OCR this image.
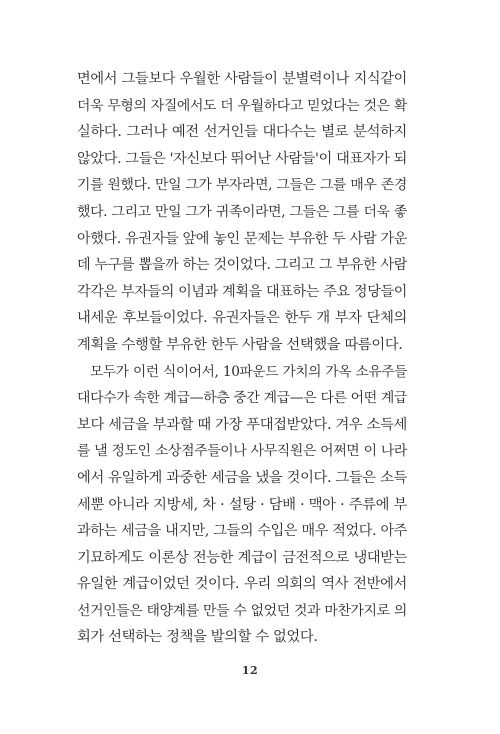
면에서 그들보다 우월한 사람들이 분별력이나 지식같이
더욱 무형의 자질에서도 더 우월하다고 믿었다는 것은 확
실하다. 그러나 예전 선거인들 대다수는 별로 분석하지
않았다. 그들은 '자신보다 뛰어난 사람들'이 대표자가 되
기를 원했다. 만일 그가 부자라면, 그들은 그를 매우 존경
했다. 그리고 만일 그가 귀족이라면, 그들은 그를 더욱 좋
아했다. 유권자들 앞에 놓인 문제는 부유한 두 사람 가운
데 누구를 뽑을까 하는 것이었다. 그리고 그 부유한 사람
각각은 부자들의 이념과 계획을 대표하는 주요 정당들이
내세운 후보들이었다. 유권자들은 한두 개 부자 단체의
계획을 수행할 부유한 한두 사람을 선택했을 따름이다.
모두가 이런 식이어서, 10파운드 가치의 가옥 소유주들
대다수가 속한 계급—하층 중간 계급—은 다른 어떤 계급
보다 세금을 부과할 때 가장 푸대접받았다. 겨우 소득세
를 낼 정도인 소상점주들이나 사무직원은 어쩌면 이 나라
에서 유일하게 과중한 세금을 냈을 것이다. 그들은 소득
세뿐 아니라 지방세, 차 · 설탕 · 담배 · 맥아 · 주류에 부
과하는 세금을 내지만, 그들의 수입은 매우 적었다. 아주
기묘하게도 이론상 전능한 계급이 금전적으로 냉대받는
유일한 계급이었던 것이다. 우리 의회의 역사 전반에서
선거인들은 태양계를 만들 수 없었던 것과 마찬가지로 의
회가 선택하는 정책을 발의할 수 없었다.
12
